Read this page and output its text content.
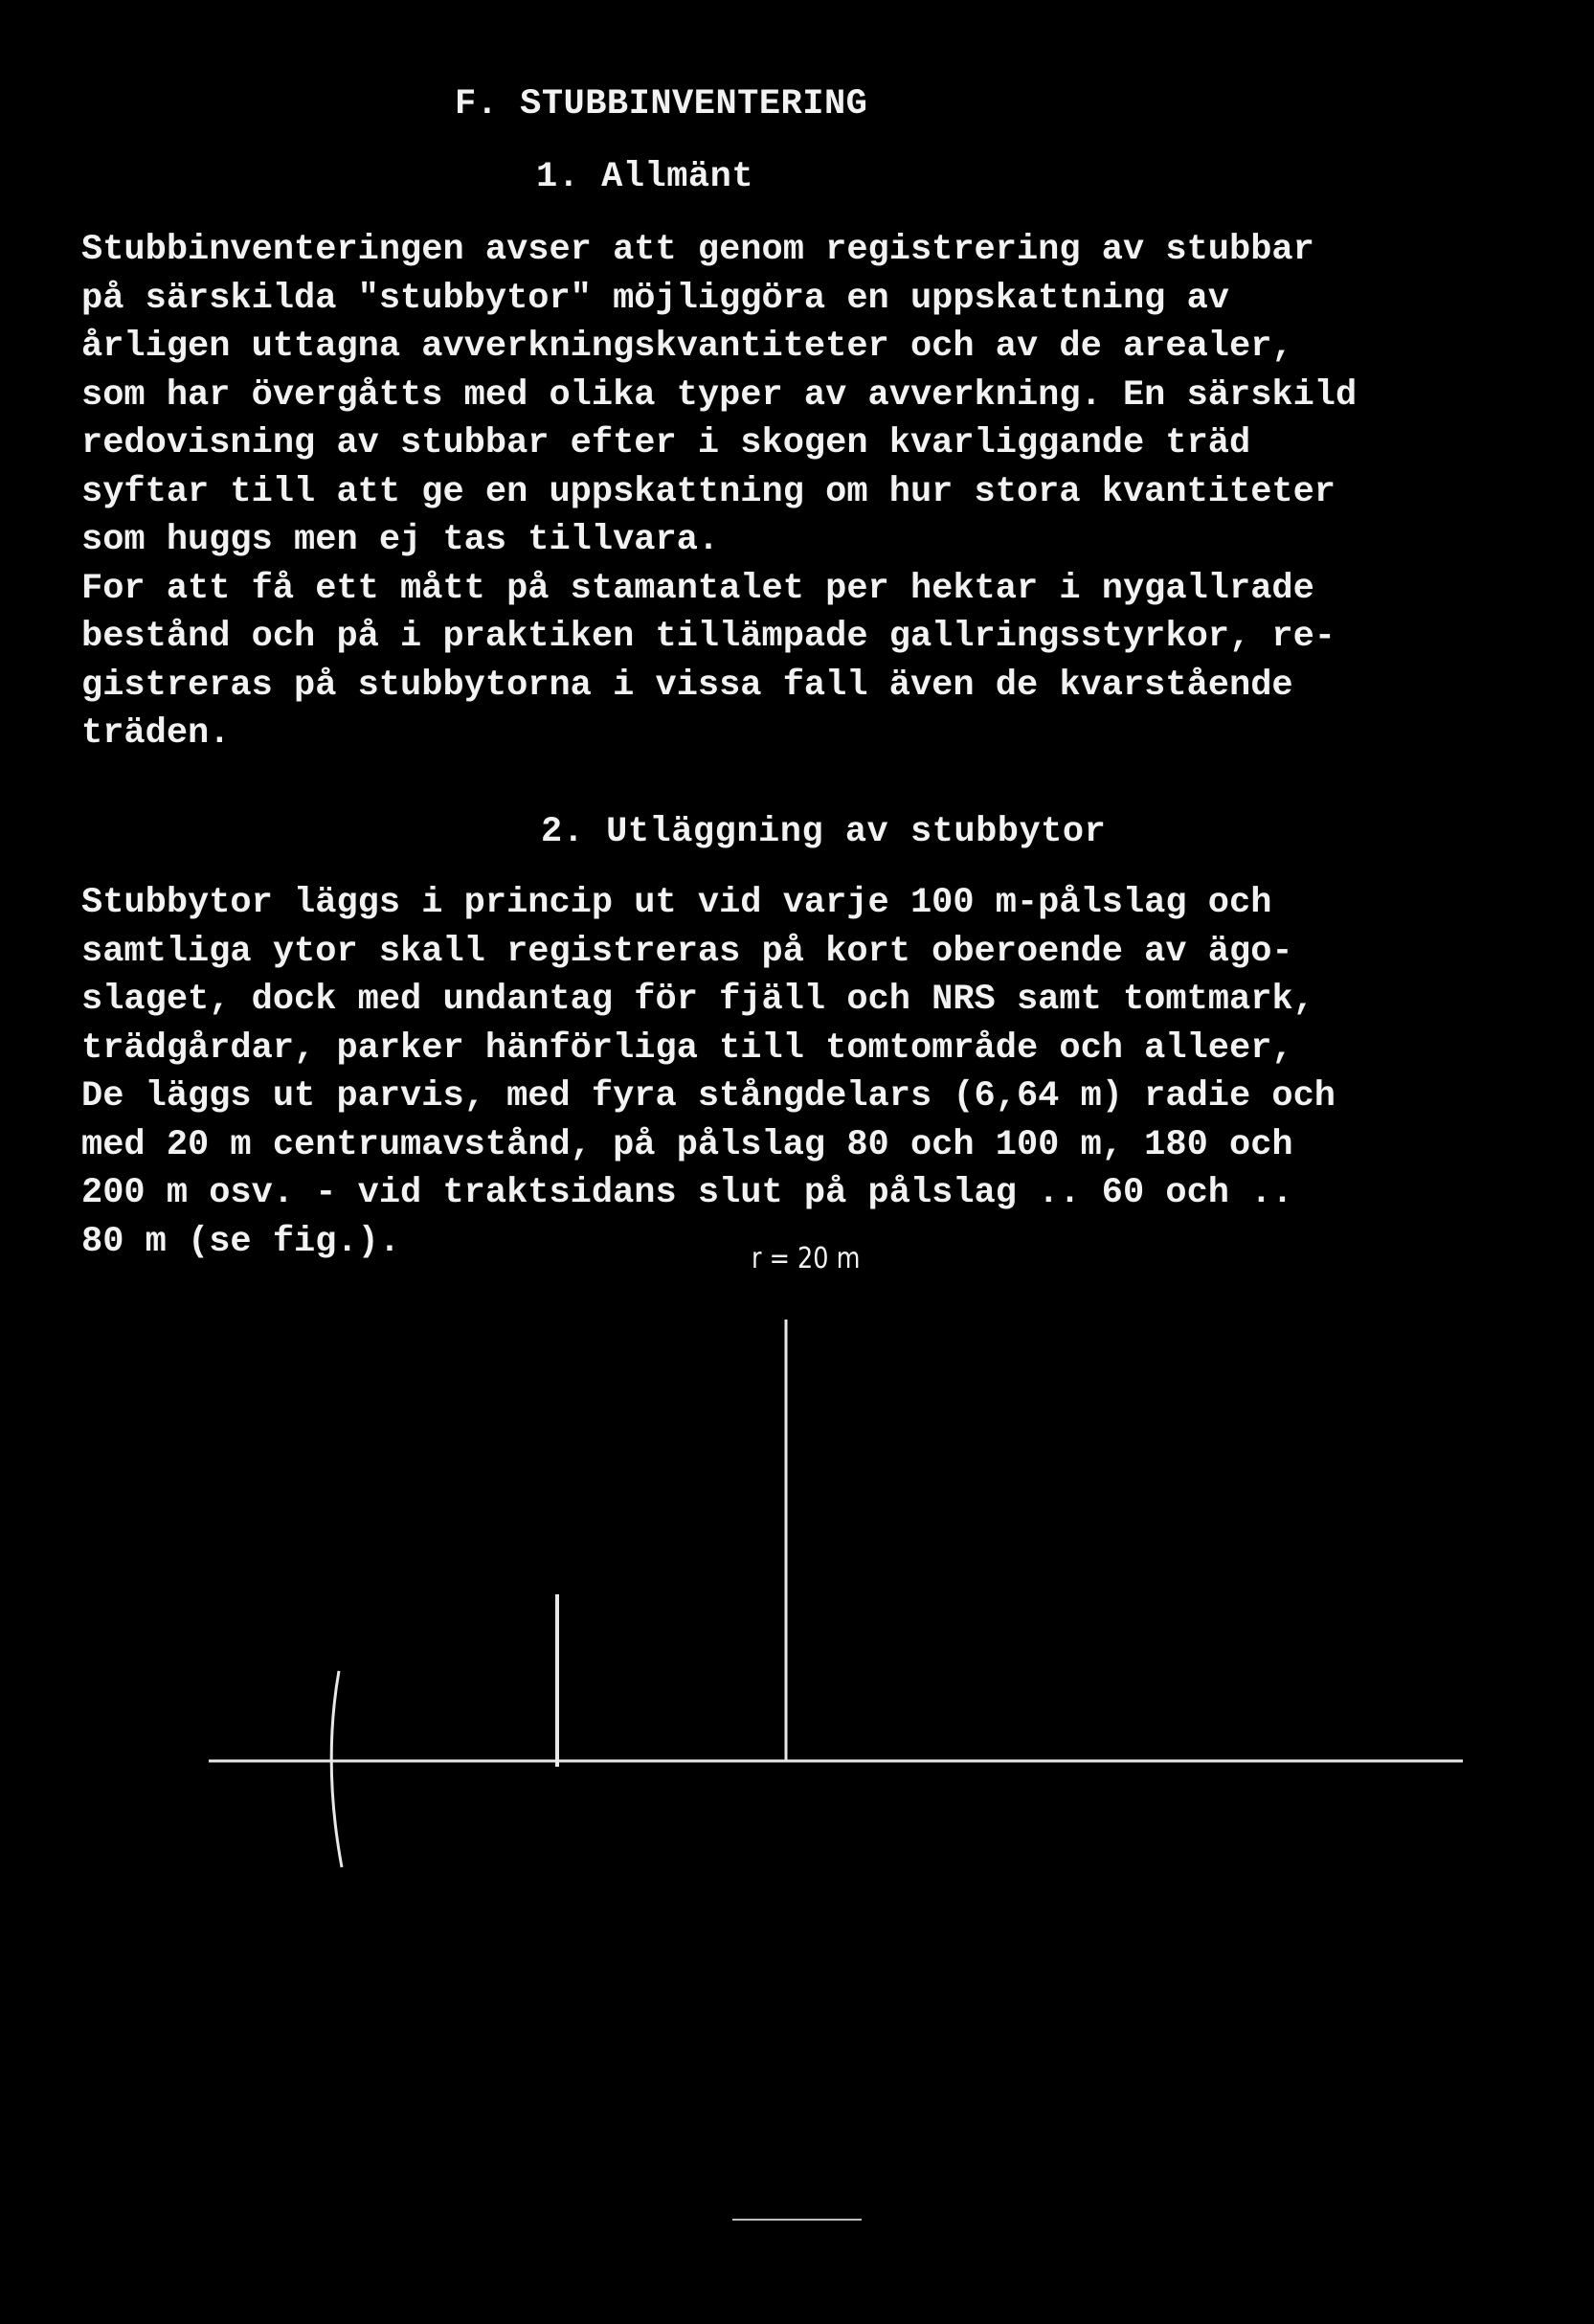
F. STUBBINVENTERING
1. Allmänt
Stubbinventeringen avser att genom registrering av stubbar
på särskilda "stubbytor" möjliggöra en uppskattning av
årligen uttagna avverkningskvantiteter och av de arealer,
som har övergåtts med olika typer av avverkning. En särskild
redovisning av stubbar efter i skogen kvarliggande träd
syftar till att ge en uppskattning om hur stora kvantiteter
som huggs men ej tas tillvara.
For att få ett mått på stamantalet per hektar i nygallrade
bestånd och på i praktiken tillämpade gallringsstyrkor, re-
gistreras på stubbytorna i vissa fall även de kvarstående
träden.
2. Utläggning av stubbytor
Stubbytor läggs i princip ut vid varje 100 m-pålslag och
samtliga ytor skall registreras på kort oberoende av ägo-
slaget, dock med undantag för fjäll och NRS samt tomtmark,
trädgårdar, parker hänförliga till tomtområde och alleer,
De läggs ut parvis, med fyra stångdelars (6,64 m) radie och
med 20 m centrumavstånd, på pålslag 80 och 100 m, 180 och
200 m osv. - vid traktsidans slut på pålslag .. 60 och ..
80 m (se fig.).	r = 20 m
